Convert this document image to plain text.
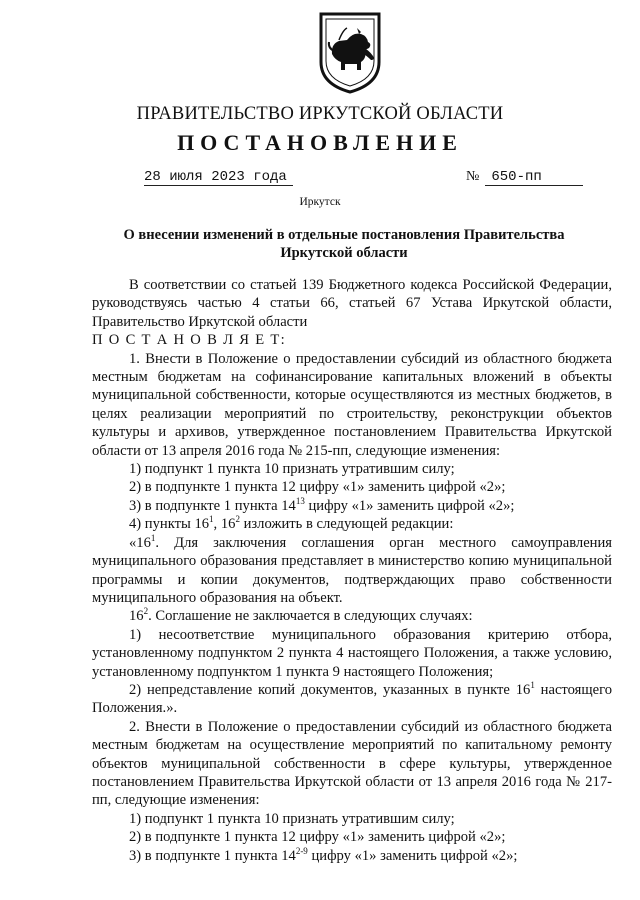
ПРАВИТЕЛЬСТВО ИРКУТСКОЙ ОБЛАСТИ
ПОСТАНОВЛЕНИЕ
28 июля 2023 года	№ 650-пп
Иркутск
О внесении изменений в отдельные постановления Правительства Иркутской области

В соответствии со статьей 139 Бюджетного кодекса Российской Федерации, руководствуясь частью 4 статьи 66, статьей 67 Устава Иркутской области, Правительство Иркутской области

П О С Т А Н О В Л Я Е Т:

1. Внести в Положение о предоставлении субсидий из областного бюджета местным бюджетам на софинансирование капитальных вложений в объекты муниципальной собственности, которые осуществляются из местных бюджетов, в целях реализации мероприятий по строительству, реконструкции объектов культуры и архивов, утвержденное постановлением Правительства Иркутской области от 13 апреля 2016 года № 215-пп, следующие изменения:

1) подпункт 1 пункта 10 признать утратившим силу;

2) в подпункте 1 пункта 12 цифру «1» заменить цифрой «2»;

3) в подпункте 1 пункта $14^{13}$ цифру «1» заменить цифрой «2»;

4) пункты $16^1$, $16^2$ изложить в следующей редакции:

«$16^1$. Для заключения соглашения орган местного самоуправления муниципального образования представляет в министерство копию муниципальной программы и копии документов, подтверждающих право собственности муниципального образования на объект.

$16^2$. Соглашение не заключается в следующих случаях:

1) несоответствие муниципального образования критерию отбора, установленному подпунктом 2 пункта 4 настоящего Положения, а также условию, установленному подпунктом 1 пункта 9 настоящего Положения;

2) непредставление копий документов, указанных в пункте $16^1$ настоящего Положения.».

2. Внести в Положение о предоставлении субсидий из областного бюджета местным бюджетам на осуществление мероприятий по капитальному ремонту объектов муниципальной собственности в сфере культуры, утвержденное постановлением Правительства Иркутской области от 13 апреля 2016 года № 217-пп, следующие изменения:

1) подпункт 1 пункта 10 признать утратившим силу;

2) в подпункте 1 пункта 12 цифру «1» заменить цифрой «2»;

3) в подпункте 1 пункта 14$^{2-9}$ цифру «1» заменить цифрой «2»;
